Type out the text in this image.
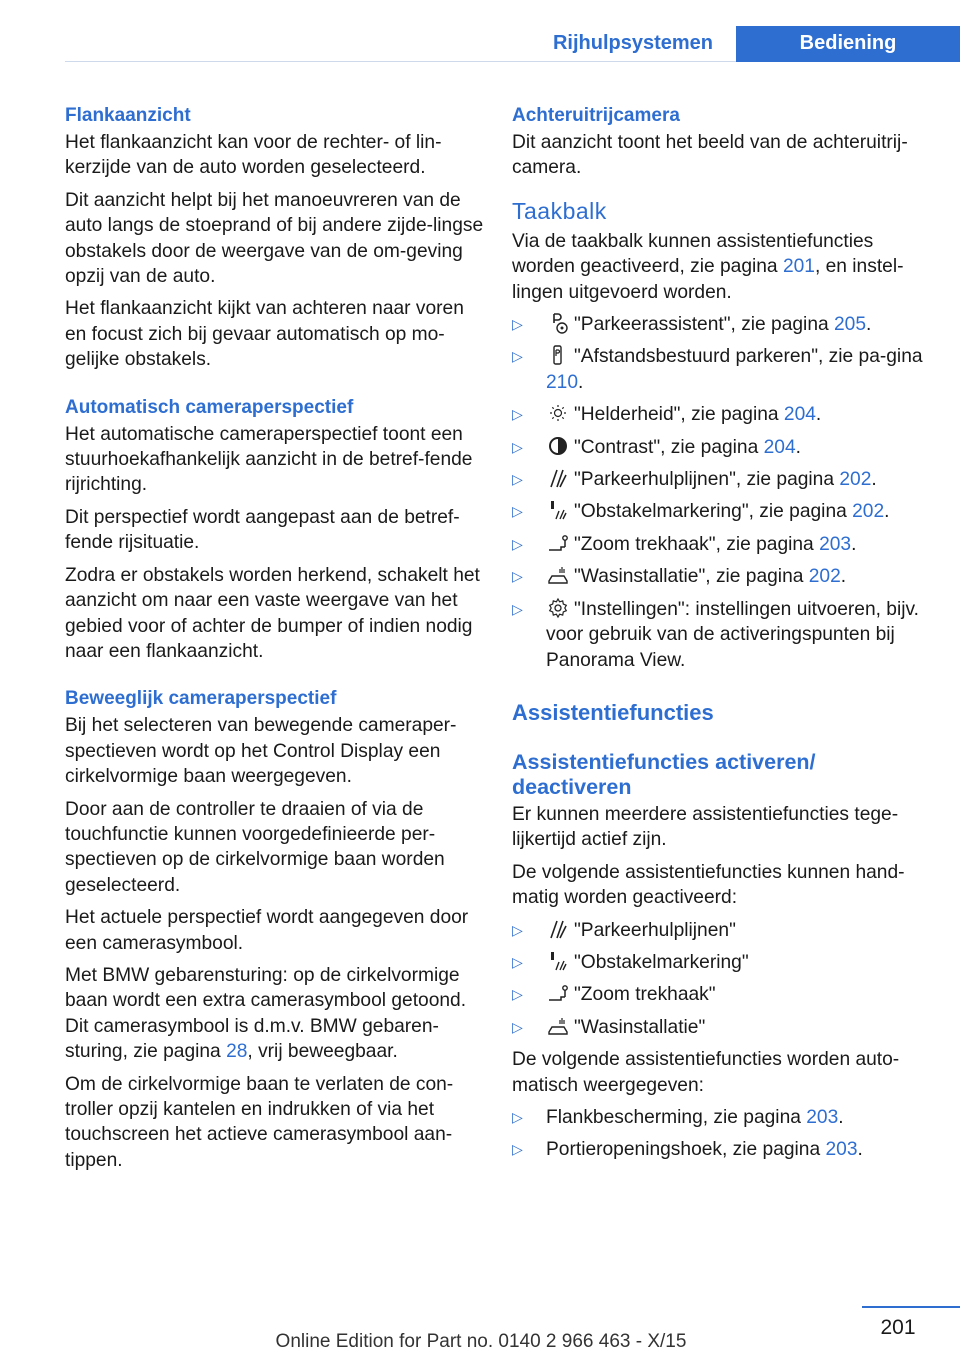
Rijhulpsystemen	Bediening
Flankaanzicht

Het flankaanzicht kan voor de rechter- of lin-kerzijde van de auto worden geselecteerd.

Dit aanzicht helpt bij het manoeuvreren van de auto langs de stoeprand of bij andere zijde-lingse obstakels door de weergave van de om-geving opzij van de auto.

Het flankaanzicht kijkt van achteren naar voren en focust zich bij gevaar automatisch op mo-gelijke obstakels.

Automatisch cameraperspectief

Het automatische cameraperspectief toont een stuurhoekafhankelijk aanzicht in de betref-fende rijrichting.

Dit perspectief wordt aangepast aan de betref-fende rijsituatie.

Zodra er obstakels worden herkend, schakelt het aanzicht om naar een vaste weergave van het gebied voor of achter de bumper of indien nodig naar een flankaanzicht.

Beweeglijk cameraperspectief

Bij het selecteren van bewegende cameraper-spectieven wordt op het Control Display een cirkelvormige baan weergegeven.

Door aan de controller te draaien of via de touchfunctie kunnen voorgedefinieerde per-spectieven op de cirkelvormige baan worden geselecteerd.

Het actuele perspectief wordt aangegeven door een camerasymbool.

Met BMW gebarensturing: op de cirkelvormige baan wordt een extra camerasymbool getoond. Dit camerasymbool is d.m.v. BMW gebaren-sturing, zie pagina 28, vrij beweegbaar.

Om de cirkelvormige baan te verlaten de con-troller opzij kantelen en indrukken of via het touchscreen het actieve camerasymbool aan-tippen.

Achteruitrijcamera

Dit aanzicht toont het beeld van de achteruitrij-camera.

Taakbalk

Via de taakbalk kunnen assistentiefuncties worden geactiveerd, zie pagina 201, en instel-lingen uitgevoerd worden.

▷	"Parkeerassistent", zie pagina 205.
▷	"Afstandsbestuurd parkeren", zie pa-gina 210.
▷	"Helderheid", zie pagina 204.
▷	"Contrast", zie pagina 204.
▷	"Parkeerhulplijnen", zie pagina 202.
▷	"Obstakelmarkering", zie pagina 202.
▷	"Zoom trekhaak", zie pagina 203.
▷	"Wasinstallatie", zie pagina 202.
▷	"Instellingen": instellingen uitvoeren, bijv. voor gebruik van de activeringspunten bij Panorama View.
Assistentiefuncties
Assistentiefuncties activeren/ deactiveren

Er kunnen meerdere assistentiefuncties tege-lijkertijd actief zijn.

De volgende assistentiefuncties kunnen hand-matig worden geactiveerd:

▷	"Parkeerhulplijnen"
▷	"Obstakelmarkering"
▷	"Zoom trekhaak"
▷	"Wasinstallatie"

De volgende assistentiefuncties worden auto-matisch weergegeven:

▷ Flankbescherming, zie pagina 203.
▷ Portieropeningshoek, zie pagina 203.
201
Online Edition for Part no. 0140 2 966 463 - X/15
